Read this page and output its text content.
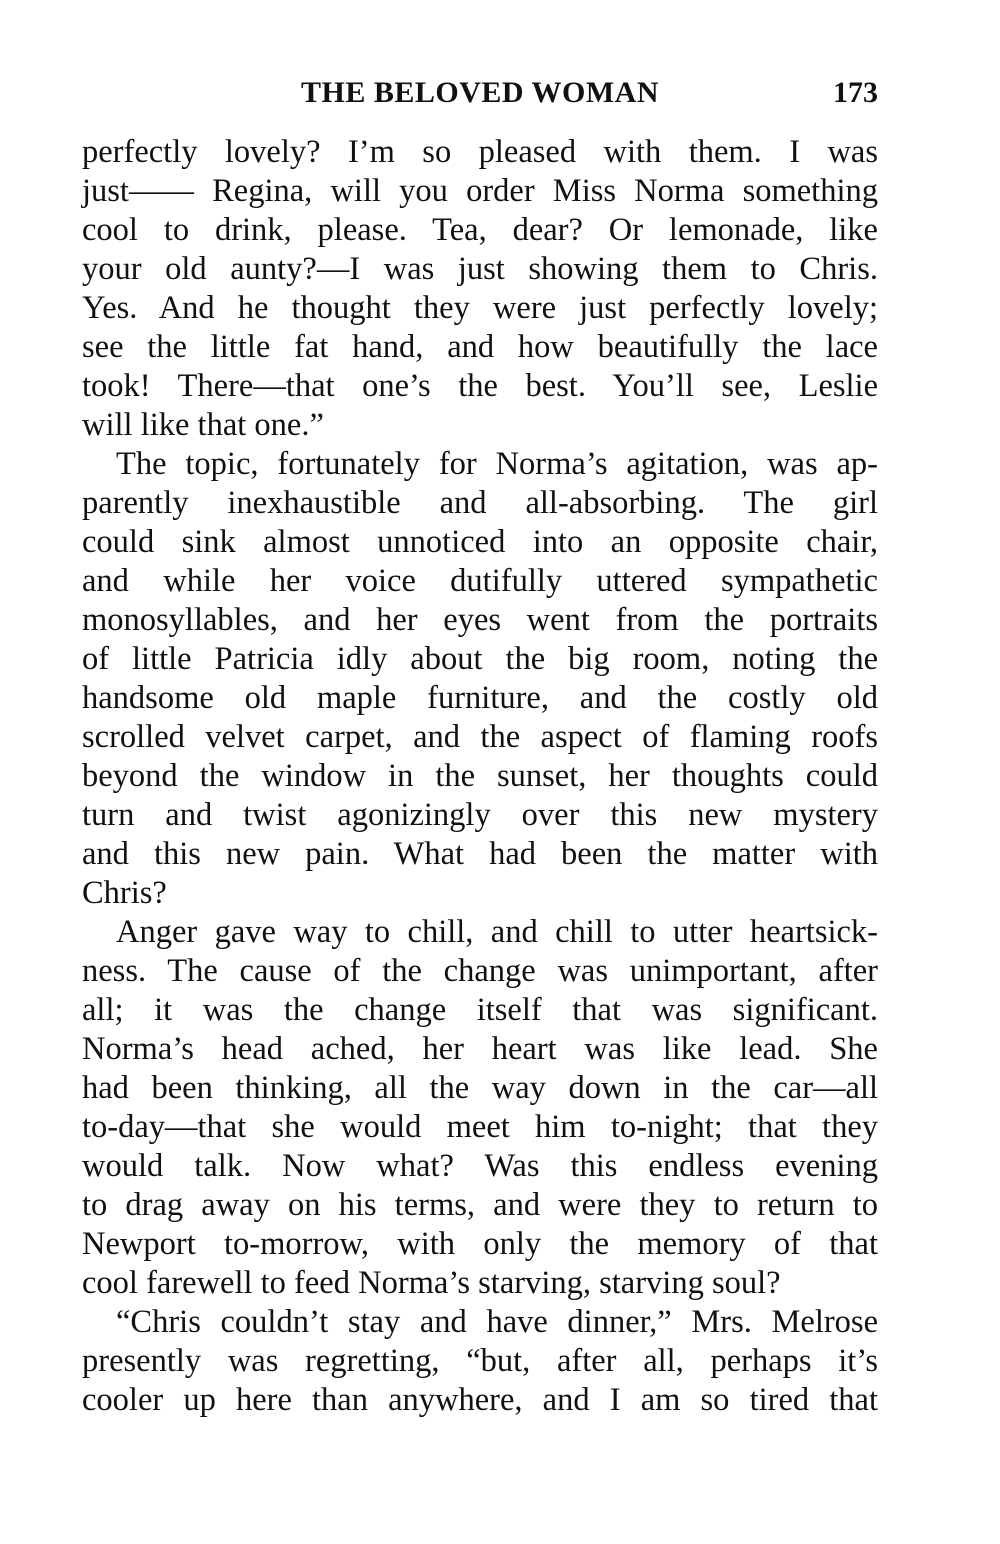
THE BELOVED WOMAN	173

perfectly lovely? I’m so pleased with them. I was
just—— Regina, will you order Miss Norma something
cool to drink, please. Tea, dear? Or lemonade, like
your old aunty?—I was just showing them to Chris.
Yes. And he thought they were just perfectly lovely;
see the little fat hand, and how beautifully the lace
took! There—that one’s the best. You’ll see, Leslie
will like that one.”

The topic, fortunately for Norma’s agitation, was ap-
parently inexhaustible and all-absorbing. The girl
could sink almost unnoticed into an opposite chair,
and while her voice dutifully uttered sympathetic
monosyllables, and her eyes went from the portraits
of little Patricia idly about the big room, noting the
handsome old maple furniture, and the costly old
scrolled velvet carpet, and the aspect of flaming roofs
beyond the window in the sunset, her thoughts could
turn and twist agonizingly over this new mystery
and this new pain. What had been the matter with
Chris?

Anger gave way to chill, and chill to utter heartsick-
ness. The cause of the change was unimportant, after
all; it was the change itself that was significant.
Norma’s head ached, her heart was like lead. She
had been thinking, all the way down in the car—all
to-day—that she would meet him to-night; that they
would talk. Now what? Was this endless evening
to drag away on his terms, and were they to return to
Newport to-morrow, with only the memory of that
cool farewell to feed Norma’s starving, starving soul?

“Chris couldn’t stay and have dinner,” Mrs. Melrose
presently was regretting, “but, after all, perhaps it’s
cooler up here than anywhere, and I am so tired that
